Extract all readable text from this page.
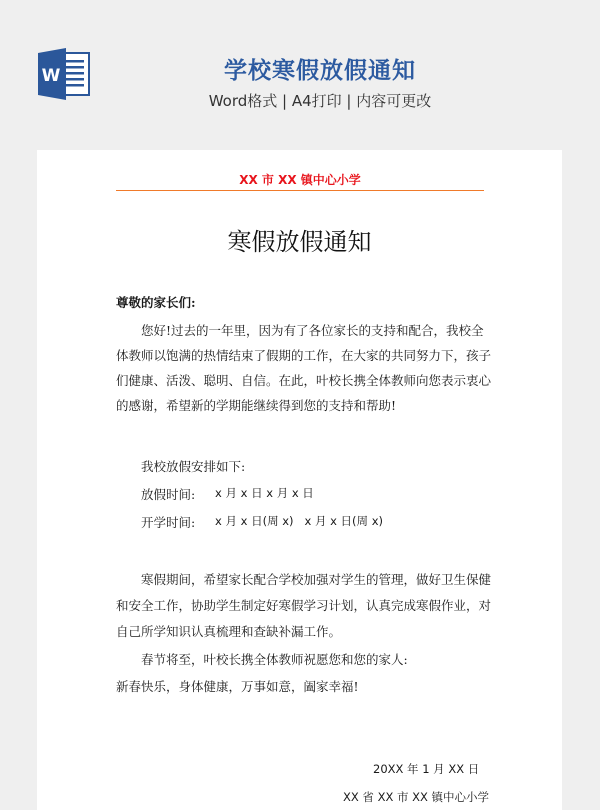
W	学校寒假放假通知
Word格式 | A4打印 | 内容可更改
XX 市 XX 镇中心小学
寒假放假通知
尊敬的家长们:
您好!过去的一年里，因为有了各位家长的支持和配合，我校全
体教师以饱满的热情结束了假期的工作，在大家的共同努力下，孩子
们健康、活泼、聪明、自信。在此，叶校长携全体教师向您表示衷心
的感谢，希望新的学期能继续得到您的支持和帮助!
我校放假安排如下:
放假时间: x 月 x 日 x 月 x 日
开学时间: x 月 x 日(周 x)   x 月 x 日(周 x)
寒假期间，希望家长配合学校加强对学生的管理，做好卫生保健
和安全工作，协助学生制定好寒假学习计划，认真完成寒假作业，对
自己所学知识认真梳理和查缺补漏工作。
春节将至，叶校长携全体教师祝愿您和您的家人:
新春快乐，身体健康，万事如意，阖家幸福!
20XX 年 1 月 XX 日
XX 省 XX 市 XX 镇中心小学
